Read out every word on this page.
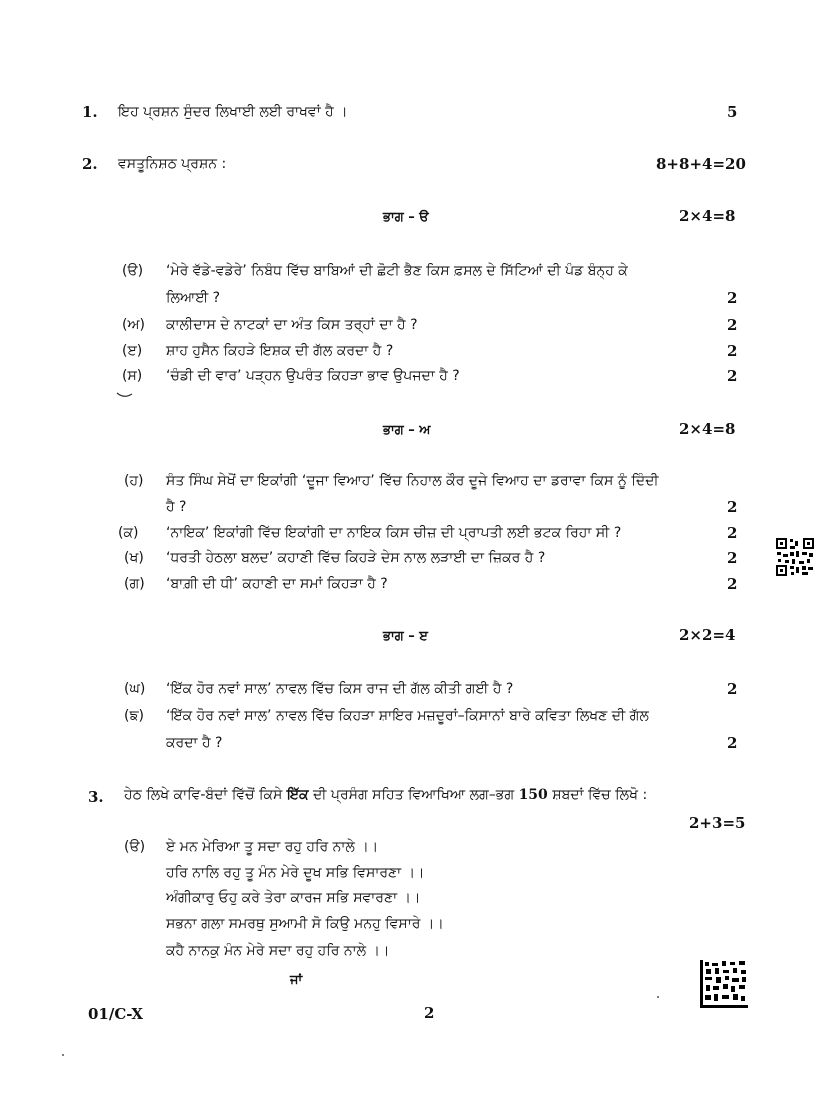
1. ਇਹ ਪ੍ਰਸ਼ਨ ਸੁੰਦਰ ਲਿਖਾਈ ਲਈ ਰਾਖਵਾਂ ਹੈ ।	5
2. ਵਸਤੂਨਿਸ਼ਠ ਪ੍ਰਸ਼ਨ :	8+8+4=20
ਭਾਗ – ੳ	2×4=8
(ੳ) ‘ਮੇਰੇ ਵੱਡੇ-ਵਡੇਰੇ’ ਨਿਬੰਧ ਵਿੱਚ ਬਾਬਿਆਂ ਦੀ ਛੋਟੀ ਭੈਣ ਕਿਸ ਫ਼ਸਲ ਦੇ ਸਿੱਟਿਆਂ ਦੀ ਪੰਡ ਬੰਨ੍ਹ ਕੇ
ਲਿਆਈ ?	2
(ਅ) ਕਾਲੀਦਾਸ ਦੇ ਨਾਟਕਾਂ ਦਾ ਅੰਤ ਕਿਸ ਤਰ੍ਹਾਂ ਦਾ ਹੈ ?	2
(ੲ) ਸ਼ਾਹ ਹੁਸੈਨ ਕਿਹੜੇ ਇਸ਼ਕ ਦੀ ਗੱਲ ਕਰਦਾ ਹੈ ?	2
(ਸ) ‘ਚੰਡੀ ਦੀ ਵਾਰ’ ਪੜ੍ਹਨ ਉਪਰੰਤ ਕਿਹੜਾ ਭਾਵ ਉਪਜਦਾ ਹੈ ?	2
ਭਾਗ – ਅ	2×4=8
(ਹ) ਸੰਤ ਸਿੰਘ ਸੇਖੋਂ ਦਾ ਇਕਾਂਗੀ ‘ਦੂਜਾ ਵਿਆਹ’ ਵਿੱਚ ਨਿਹਾਲ ਕੌਰ ਦੂਜੇ ਵਿਆਹ ਦਾ ਡਰਾਵਾ ਕਿਸ ਨੂੰ ਦਿੰਦੀ
ਹੈ ?	2
(ਕ) ‘ਨਾਇਕ’ ਇਕਾਂਗੀ ਵਿੱਚ ਇਕਾਂਗੀ ਦਾ ਨਾਇਕ ਕਿਸ ਚੀਜ਼ ਦੀ ਪ੍ਰਾਪਤੀ ਲਈ ਭਟਕ ਰਿਹਾ ਸੀ ?	2
(ਖ) ‘ਧਰਤੀ ਹੇਠਲਾ ਬਲਦ’ ਕਹਾਣੀ ਵਿੱਚ ਕਿਹੜੇ ਦੇਸ ਨਾਲ ਲੜਾਈ ਦਾ ਜ਼ਿਕਰ ਹੈ ?	2
(ਗ) ‘ਬਾਗ਼ੀ ਦੀ ਧੀ’ ਕਹਾਣੀ ਦਾ ਸਮਾਂ ਕਿਹੜਾ ਹੈ ?	2
ਭਾਗ – ੲ	2×2=4
(ਘ) ‘ਇੱਕ ਹੋਰ ਨਵਾਂ ਸਾਲ’ ਨਾਵਲ ਵਿੱਚ ਕਿਸ ਰਾਜ ਦੀ ਗੱਲ ਕੀਤੀ ਗਈ ਹੈ ?	2
(ਙ) ‘ਇੱਕ ਹੋਰ ਨਵਾਂ ਸਾਲ’ ਨਾਵਲ ਵਿੱਚ ਕਿਹੜਾ ਸ਼ਾਇਰ ਮਜ਼ਦੂਰਾਂ–ਕਿਸਾਨਾਂ ਬਾਰੇ ਕਵਿਤਾ ਲਿਖਣ ਦੀ ਗੱਲ
ਕਰਦਾ ਹੈ ?	2
3. ਹੇਠ ਲਿਖੇ ਕਾਵਿ-ਬੰਦਾਂ ਵਿੱਚੋਂ ਕਿਸੇ ਇੱਕ ਦੀ ਪ੍ਰਸੰਗ ਸਹਿਤ ਵਿਆਖਿਆ ਲਗ–ਭਗ 150 ਸ਼ਬਦਾਂ ਵਿੱਚ ਲਿਖੋ :
2+3=5
(ੳ) ਏ ਮਨ ਮੇਰਿਆ ਤੂ ਸਦਾ ਰਹੁ ਹਰਿ ਨਾਲੇ ।।
ਹਰਿ ਨਾਲਿ ਰਹੁ ਤੂ ਮੰਨ ਮੇਰੇ ਦੂਖ ਸਭਿ ਵਿਸਾਰਣਾ ।।
ਅੰਗੀਕਾਰੁ ਓਹੁ ਕਰੇ ਤੇਰਾ ਕਾਰਜ ਸਭਿ ਸਵਾਰਣਾ ।।
ਸਭਨਾ ਗਲਾ ਸਮਰਥੁ ਸੁਆਮੀ ਸੋ ਕਿਉ ਮਨਹੁ ਵਿਸਾਰੇ ।।
ਕਹੈ ਨਾਨਕੁ ਮੰਨ ਮੇਰੇ ਸਦਾ ਰਹੁ ਹਰਿ ਨਾਲੇ ।।
ਜਾਂ
01/C-X	2
